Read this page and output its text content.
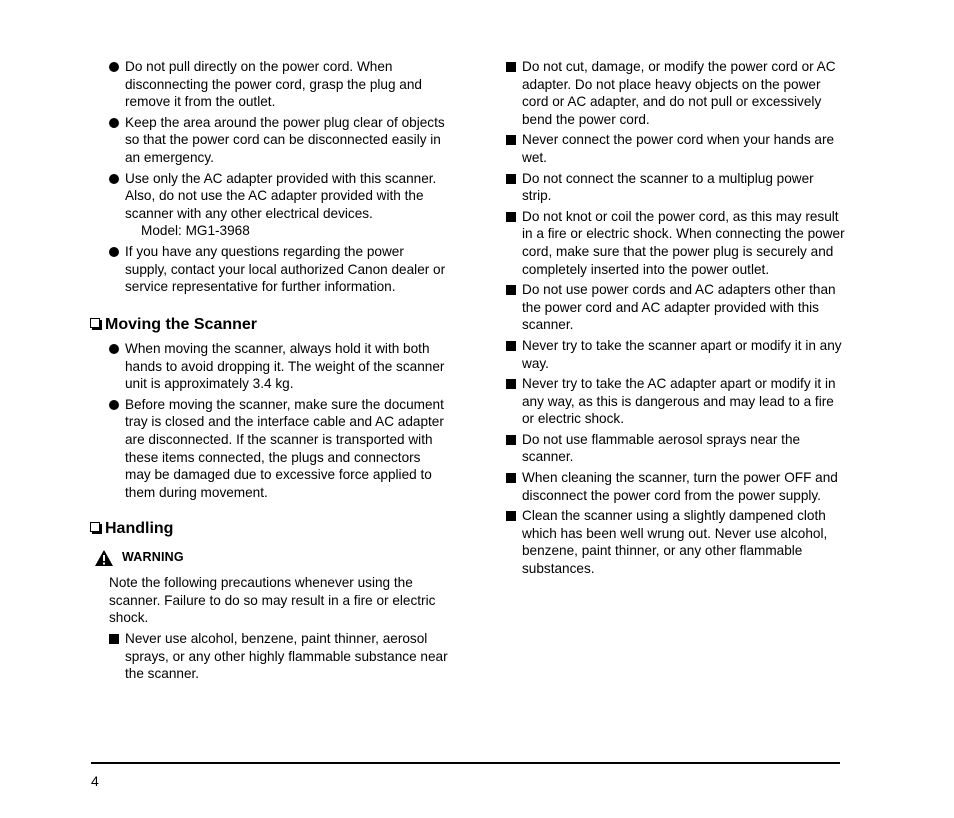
Do not pull directly on the power cord. When disconnecting the power cord, grasp the plug and remove it from the outlet.
Keep the area around the power plug clear of objects so that the power cord can be disconnected easily in an emergency.
Use only the AC adapter provided with this scanner. Also, do not use the AC adapter provided with the scanner with any other electrical devices.
Model: MG1-3968
If you have any questions regarding the power supply, contact your local authorized Canon dealer or service representative for further information.
Moving the Scanner
When moving the scanner, always hold it with both hands to avoid dropping it. The weight of the scanner unit is approximately 3.4 kg.
Before moving the scanner, make sure the document tray is closed and the interface cable and AC adapter are disconnected. If the scanner is transported with these items connected, the plugs and connectors may be damaged due to excessive force applied to them during movement.
Handling
WARNING
Note the following precautions whenever using the scanner. Failure to do so may result in a fire or electric shock.
Never use alcohol, benzene, paint thinner, aerosol sprays, or any other highly flammable substance near the scanner.
Do not cut, damage, or modify the power cord or AC adapter. Do not place heavy objects on the power cord or AC adapter, and do not pull or excessively bend the power cord.
Never connect the power cord when your hands are wet.
Do not connect the scanner to a multiplug power strip.
Do not knot or coil the power cord, as this may result in a fire or electric shock. When connecting the power cord, make sure that the power plug is securely and completely inserted into the power outlet.
Do not use power cords and AC adapters other than the power cord and AC adapter provided with this scanner.
Never try to take the scanner apart or modify it in any way.
Never try to take the AC adapter apart or modify it in any way, as this is dangerous and may lead to a fire or electric shock.
Do not use flammable aerosol sprays near the scanner.
When cleaning the scanner, turn the power OFF and disconnect the power cord from the power supply.
Clean the scanner using a slightly dampened cloth which has been well wrung out. Never use alcohol, benzene, paint thinner, or any other flammable substances.
4
